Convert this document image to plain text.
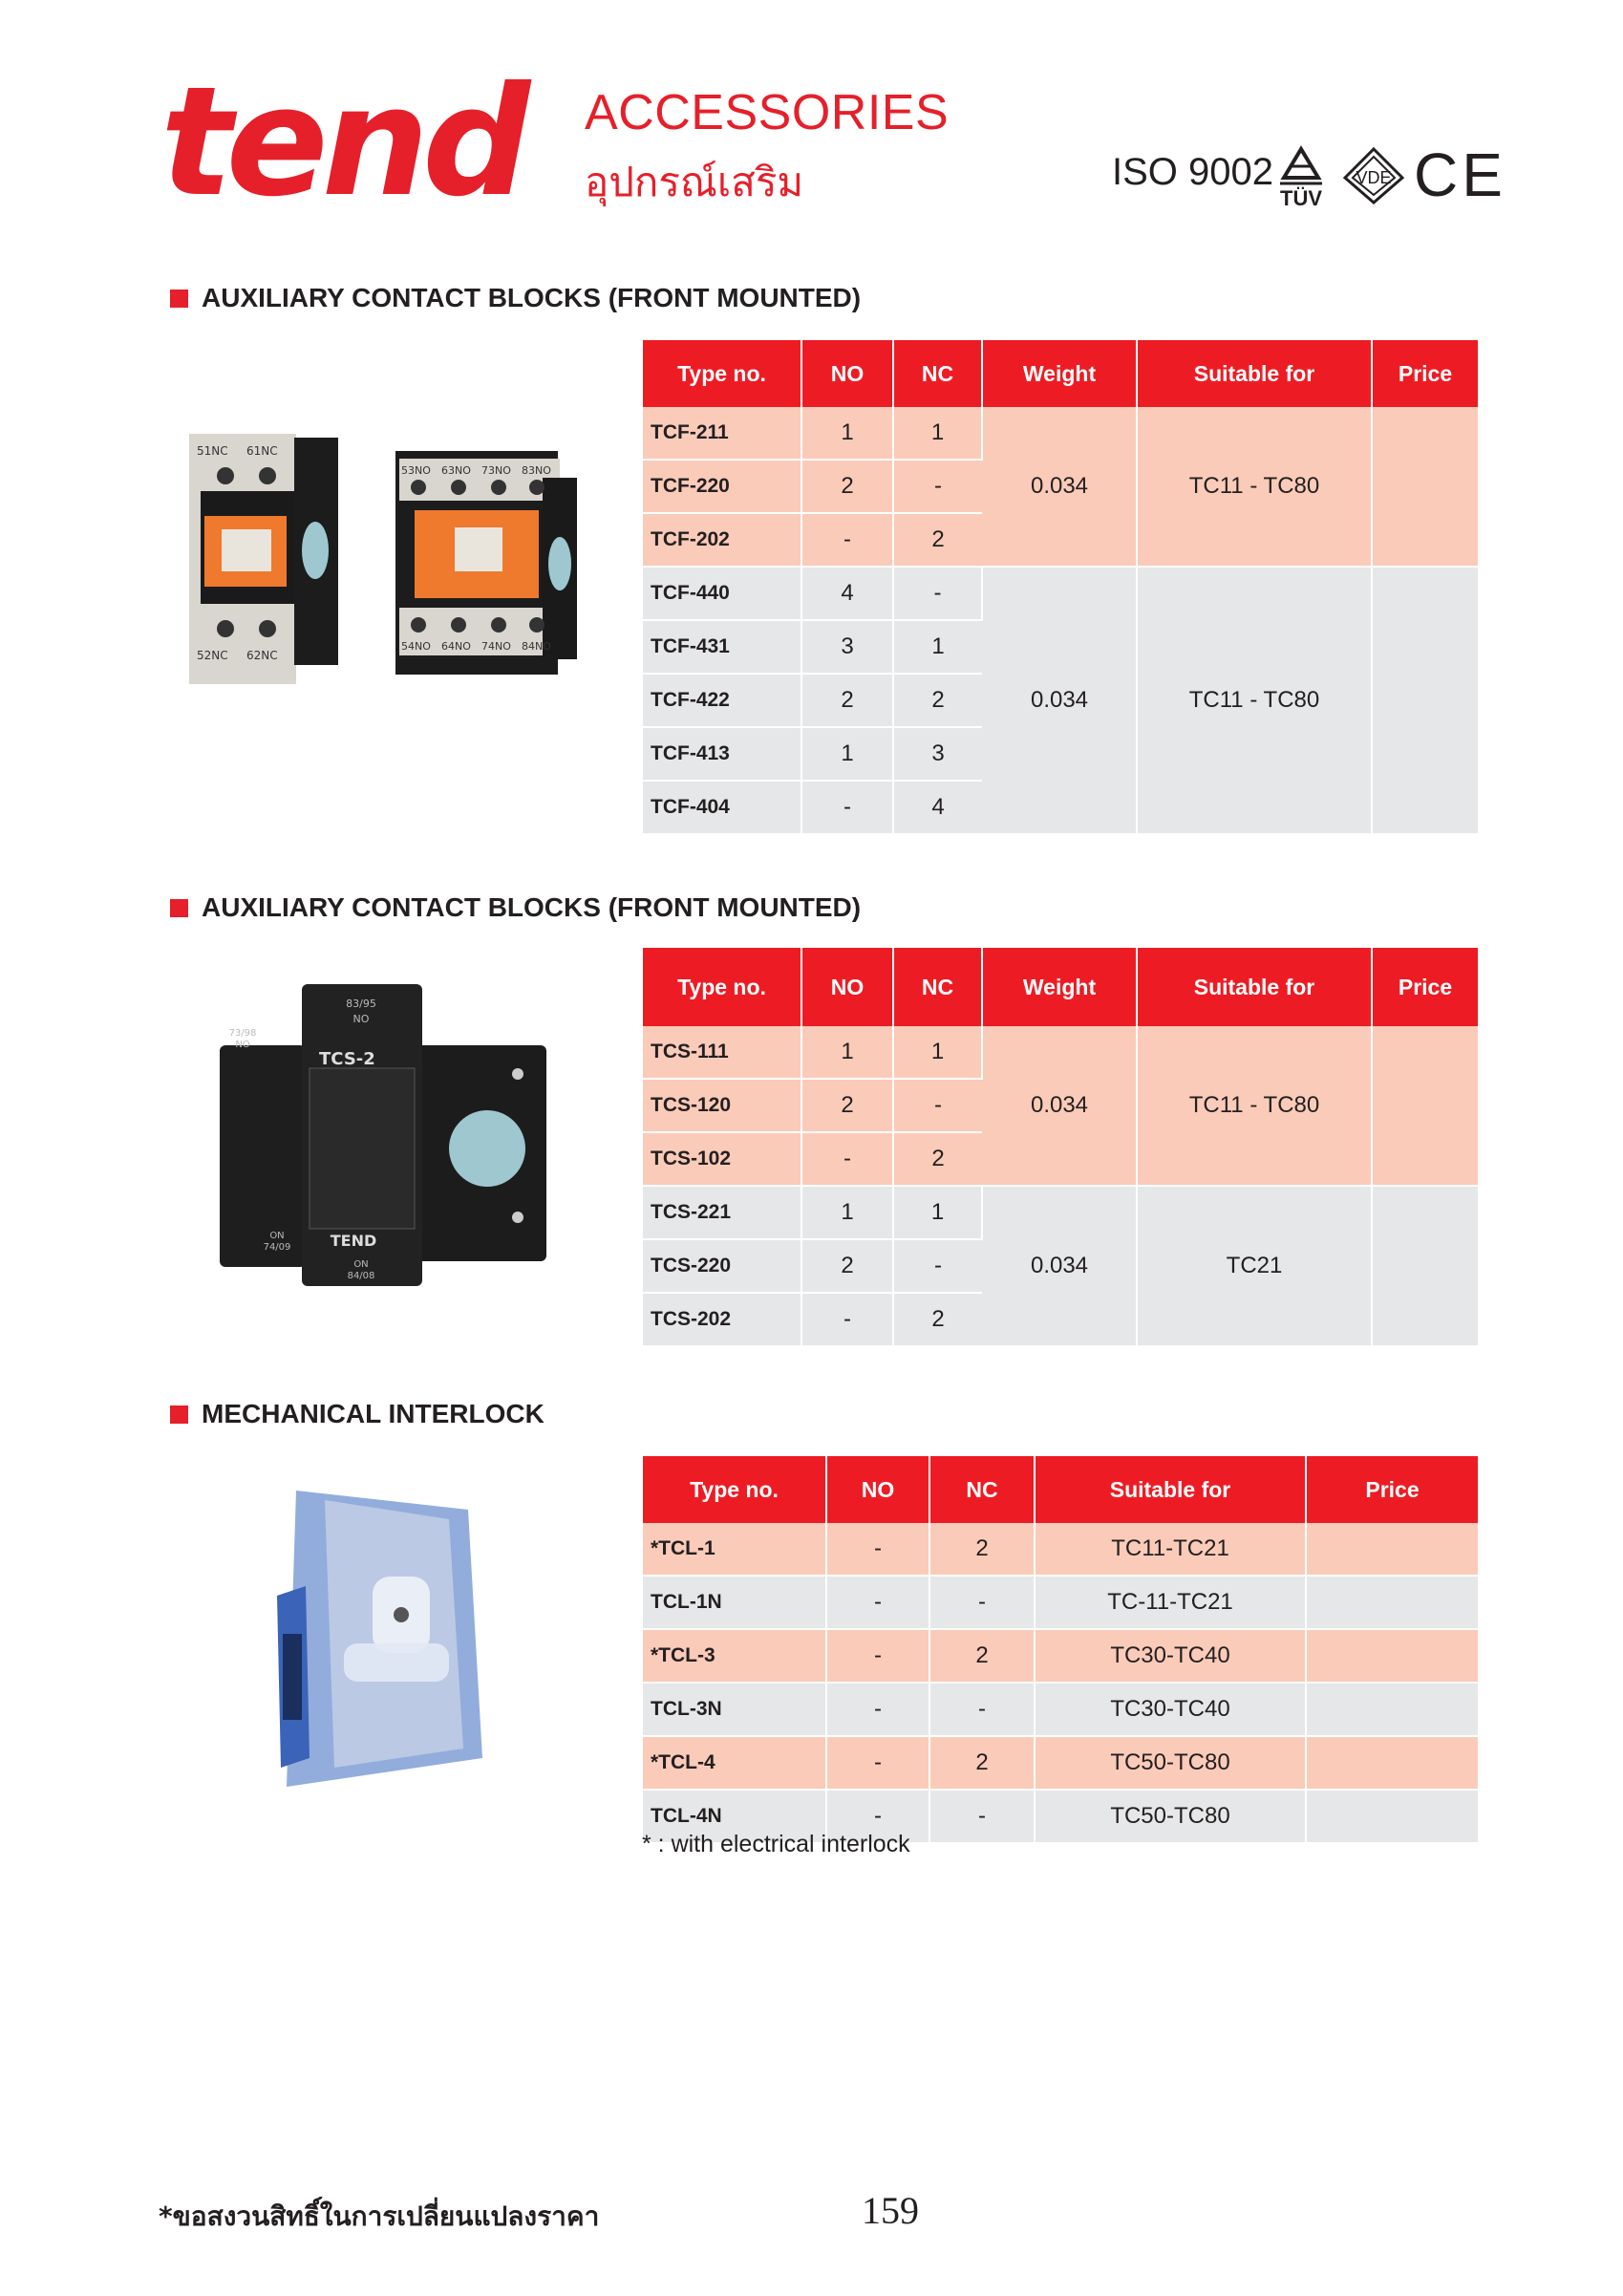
tend ACCESSORIES
อุปกรณ์เสริม	ISO 9002
TÜV
VDE CE
AUXILIARY CONTACT BLOCKS (FRONT MOUNTED)
51NC 61NC
52NC 62NC
53NO 63NO 73NO 83NO
54NO 64NO 74NO 84NO
Type no.	NO	NC	Weight	Suitable for	Price
TCF-211	1	1	0.034	TC11 - TC80	
TCF-220	2	-			
TCF-202	-	2			
TCF-440	4	-	0.034	TC11 - TC80	
TCF-431	3	1			
TCF-422	2	2			
TCF-413	1	3			
TCF-404	-	4			
AUXILIARY CONTACT BLOCKS (FRONT MOUNTED)
83/95
NO
73/98
NO
TCS-2
ON
74/09
ON
84/08
TEND
Type no.	NO	NC	Weight	Suitable for	Price
TCS-111	1	1	0.034	TC11 - TC80	
TCS-120	2	-			
TCS-102	-	2			
TCS-221	1	1	0.034	TC21	
TCS-220	2	-			
TCS-202	-	2			
MECHANICAL INTERLOCK
Type no.	NO	NC	Suitable for	Price
*TCL-1	-	2	TC11-TC21	
TCL-1N	-	-	TC-11-TC21	
*TCL-3	-	2	TC30-TC40	
TCL-3N	-	-	TC30-TC40	
*TCL-4	-	2	TC50-TC80	
TCL-4N	-	-	TC50-TC80	
* : with electrical interlock
*ขอสงวนสิทธิ์ในการเปลี่ยนแปลงราคา	159
